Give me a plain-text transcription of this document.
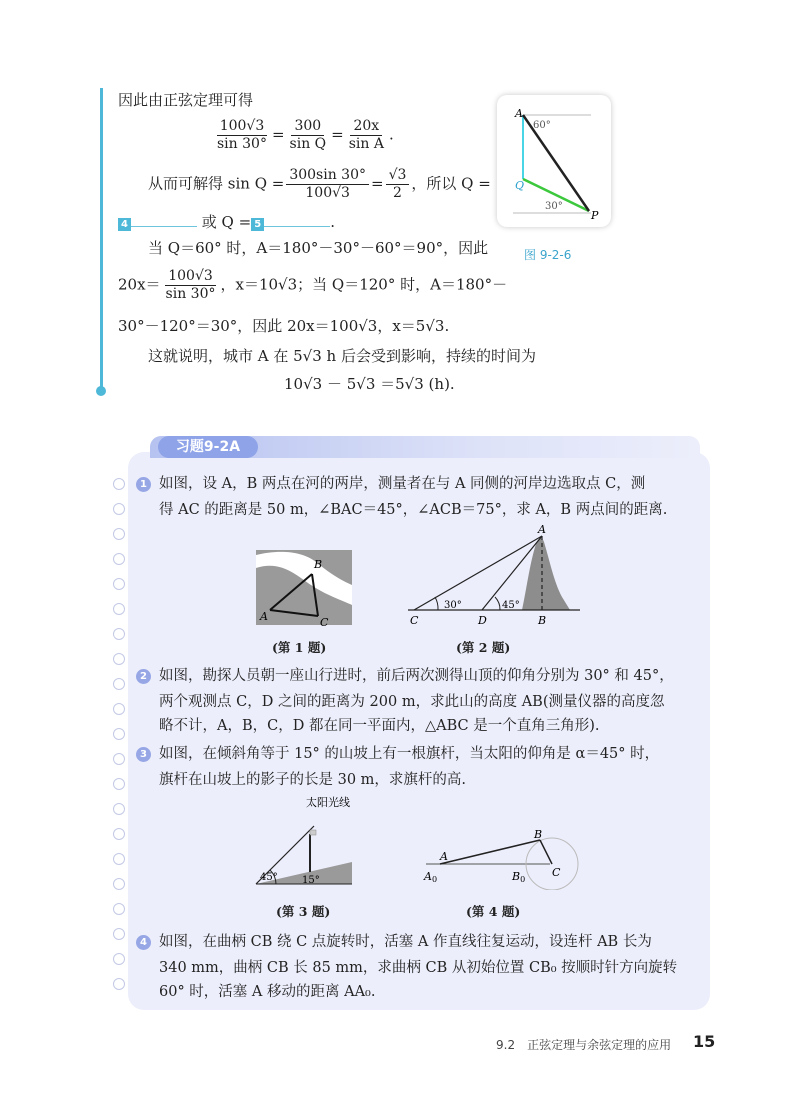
因此由正弦定理可得
$\frac{100√3}{\sin 30^\circ} = \frac{300}{\text{sin Q}} = \frac{20x}{\text{sin A}}$ .
从而可解得 $\sin Q = \frac{300\sin 30^\circ}{100√3} = \frac{√3}{2}$ ，所以 Q =
4	或 Q = 5	.
当 Q＝60° 时，A＝180°－30°－60°＝90°，因此
$20x= \frac{100√3}{\sin 30^\circ}$ ，x＝10√3；当 Q＝120° 时，A＝180°－
30°－120°＝30°，因此 20x＝100√3，x＝5√3.
这就说明，城市 A 在 5√3 h 后会受到影响，持续的时间为
10√3 － 5√3 ＝5√3 (h).
A
Q
P
60°
30°
图 9-2-6
习题9-2A
1 如图，设 A，B 两点在河的两岸，测量者在与 A 同侧的河岸边选取点 C，测
得 AC 的距离是 50 m，∠BAC＝45°，∠ACB＝75°，求 A，B 两点间的距离.
A
B
C
(第 1 题)
30°	45°
A
B
C	D
(第 2 题)
2 如图，勘探人员朝一座山行进时，前后两次测得山顶的仰角分别为 30° 和 45°，
两个观测点 C，D 之间的距离为 200 m，求此山的高度 AB(测量仪器的高度忽
略不计，A，B，C，D 都在同一平面内，△ABC 是一个直角三角形).
3 如图，在倾斜角等于 15° 的山坡上有一根旗杆，当太阳的仰角是 α＝45° 时，
旗杆在山坡上的影子的长是 30 m，求旗杆的高.
太阳光线
45° 15°
(第 3 题)
A
A0
B
B0
C
(第 4 题)
4 如图，在曲柄 CB 绕 C 点旋转时，活塞 A 作直线往复运动，设连杆 AB 长为
340 mm，曲柄 CB 长 85 mm，求曲柄 CB 从初始位置 CB₀ 按顺时针方向旋转
60° 时，活塞 A 移动的距离 AA₀.
9.2　正弦定理与余弦定理的应用 15
